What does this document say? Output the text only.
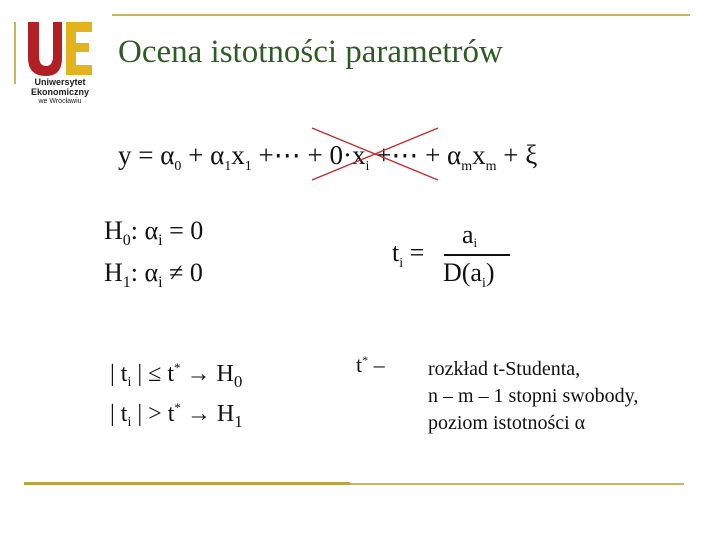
Uniwersytet
Ekonomiczny
we Wrocławiu
Ocena istotności parametrów
$y = \alpha_0 + \alpha_1x_1$ +⋯ + $0\cdot x_i$ +⋯ + $\alpha_mx_m + \xi$
$H_0$: $\alpha_i = 0$
$H_1$: $\alpha_i \ne 0$
$t_i$ =
$a_i$
$D(a_i)$
| $t_i$ | ≤ $t^* \to H_0$
| $t_i$ | > $t^* \to H_1$
t* – rozkład t-Studenta,
n – m – 1 stopni swobody,
poziom istotności α
